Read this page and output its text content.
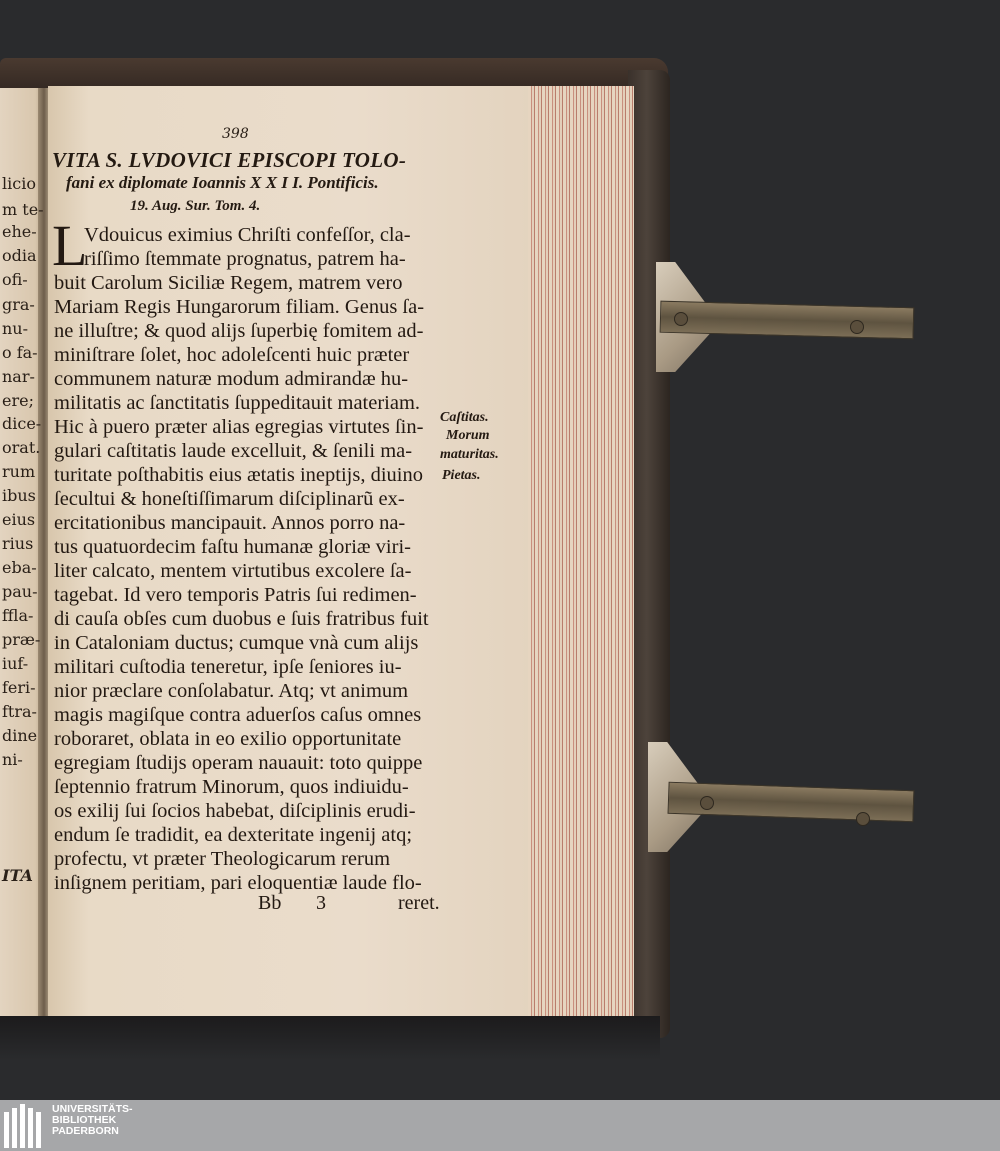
licio
m te-
ehe-
odia
ofi-
gra-
nu-
o fa-
nar-
ere;
dice-
orat.
rum
ibus
eius
rius
eba-
pau-
ffla-
præ-
iuf-
feri-
ftra-
dine
ni-
ITA
398
VITA S. LVDOVICI EPISCOPI TOLO-
fani ex diplomate Ioannis X X I I. Pontificis.
19. Aug. Sur. Tom. 4.
L
Vdouicus eximius Chriſti confeſſor, cla-
riſſimo ſtemmate prognatus, patrem ha-
buit Carolum Siciliæ Regem, matrem vero
Mariam Regis Hungarorum filiam. Genus ſa-
ne illuſtre; & quod alijs ſuperbię fomitem ad-
miniſtrare ſolet, hoc adoleſcenti huic præter
communem naturæ modum admirandæ hu-
militatis ac ſanctitatis ſuppeditauit materiam.
Hic à puero præter alias egregias virtutes ſin-
gulari caſtitatis laude excelluit, & ſenili ma-
turitate poſthabitis eius ætatis ineptijs, diuino
ſecultui & honeſtiſſimarum diſciplinarũ ex-
ercitationibus mancipauit. Annos porro na-
tus quatuordecim faſtu humanæ gloriæ viri-
liter calcato, mentem virtutibus excolere ſa-
tagebat. Id vero temporis Patris ſui redimen-
di cauſa obſes cum duobus e ſuis fratribus fuit
in Cataloniam ductus; cumque vnà cum alijs
militari cuſtodia teneretur, ipſe ſeniores iu-
nior præclare conſolabatur. Atq; vt animum
magis magiſque contra aduerſos caſus omnes
roboraret, oblata in eo exilio opportunitate
egregiam ſtudijs operam nauauit: toto quippe
ſeptennio fratrum Minorum, quos indiuidu-
os exilij ſui ſocios habebat, diſciplinis erudi-
endum ſe tradidit, ea dexteritate ingenij atq;
profectu, vt præter Theologicarum rerum
inſignem peritiam, pari eloquentiæ laude flo-
Caſtitas.
Morum
maturitas.
Pietas.
Bb 3	reret.
UNIVERSITÄTS-
BIBLIOTHEK
PADERBORN
